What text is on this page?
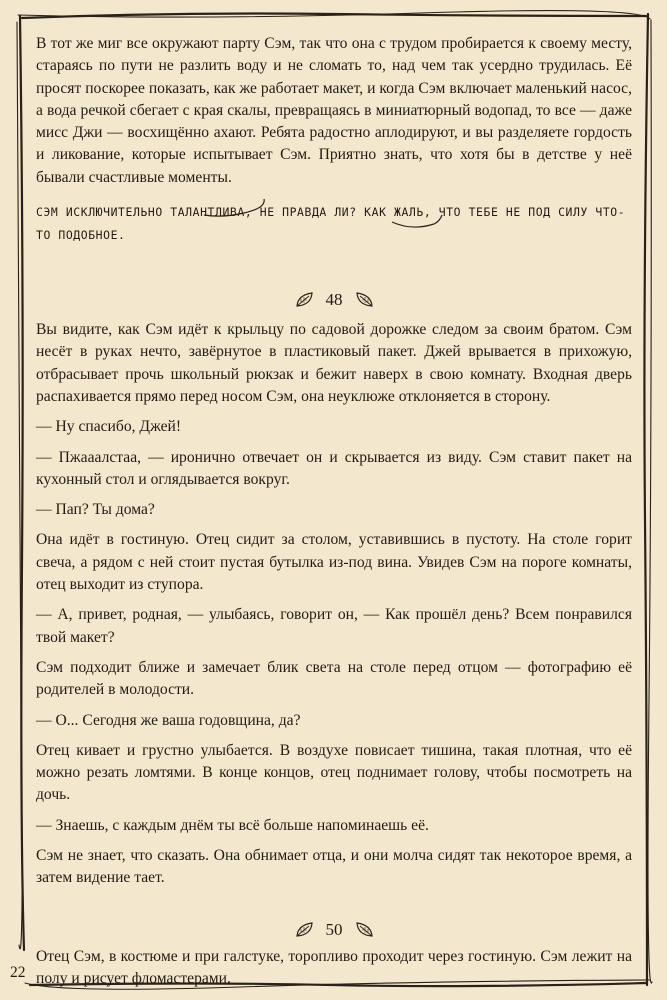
В тот же миг все окружают парту Сэм, так что она с трудом пробирается к своему месту, стараясь по пути не разлить воду и не сломать то, над чем так усердно трудилась. Её просят поскорее показать, как же работает макет, и когда Сэм включает маленький насос, а вода речкой сбегает с края скалы, превращаясь в миниатюрный водопад, то все — даже мисс Джи — восхищённо ахают. Ребята радостно аплодируют, и вы разделяете гордость и ликование, которые испытывает Сэм. Приятно знать, что хотя бы в детстве у неё бывали счастливые моменты.

СЭМ ИСКЛЮЧИТЕЛЬНО ТАЛАНТЛИВА
, НЕ ПРАВДА ЛИ? КАК ЖАЛЬ
, ЧТО ТЕБЕ НЕ ПОД СИЛУ ЧТО-ТО ПОДОБНОЕ.
48

Вы видите, как Сэм идёт к крыльцу по садовой дорожке следом за своим братом. Сэм несёт в руках нечто, завёрнутое в пластиковый пакет. Джей врывается в прихожую, отбрасывает прочь школьный рюкзак и бежит наверх в свою комнату. Входная дверь распахивается прямо перед носом Сэм, она неуклюже отклоняется в сторону.

— Ну спасибо, Джей!

— Пжааалстаа, — иронично отвечает он и скрывается из виду. Сэм ставит пакет на кухонный стол и оглядывается вокруг.

— Пап? Ты дома?

Она идёт в гостиную. Отец сидит за столом, уставившись в пустоту. На столе горит свеча, а рядом с ней стоит пустая бутылка из-под вина. Увидев Сэм на пороге комнаты, отец выходит из ступора.

— А, привет, родная, — улыбаясь, говорит он, — Как прошёл день? Всем понравился твой макет?

Сэм подходит ближе и замечает блик света на столе перед отцом — фотографию её родителей в молодости.

— О... Сегодня же ваша годовщина, да?

Отец кивает и грустно улыбается. В воздухе повисает тишина, такая плотная, что её можно резать ломтями. В конце концов, отец поднимает голову, чтобы посмотреть на дочь.

— Знаешь, с каждым днём ты всё больше напоминаешь её.

Сэм не знает, что сказать. Она обнимает отца, и они молча сидят так некоторое время, а затем видение тает.

50

Отец Сэм, в костюме и при галстуке, торопливо проходит через гостиную. Сэм лежит на полу и рисует фломастерами.

22
